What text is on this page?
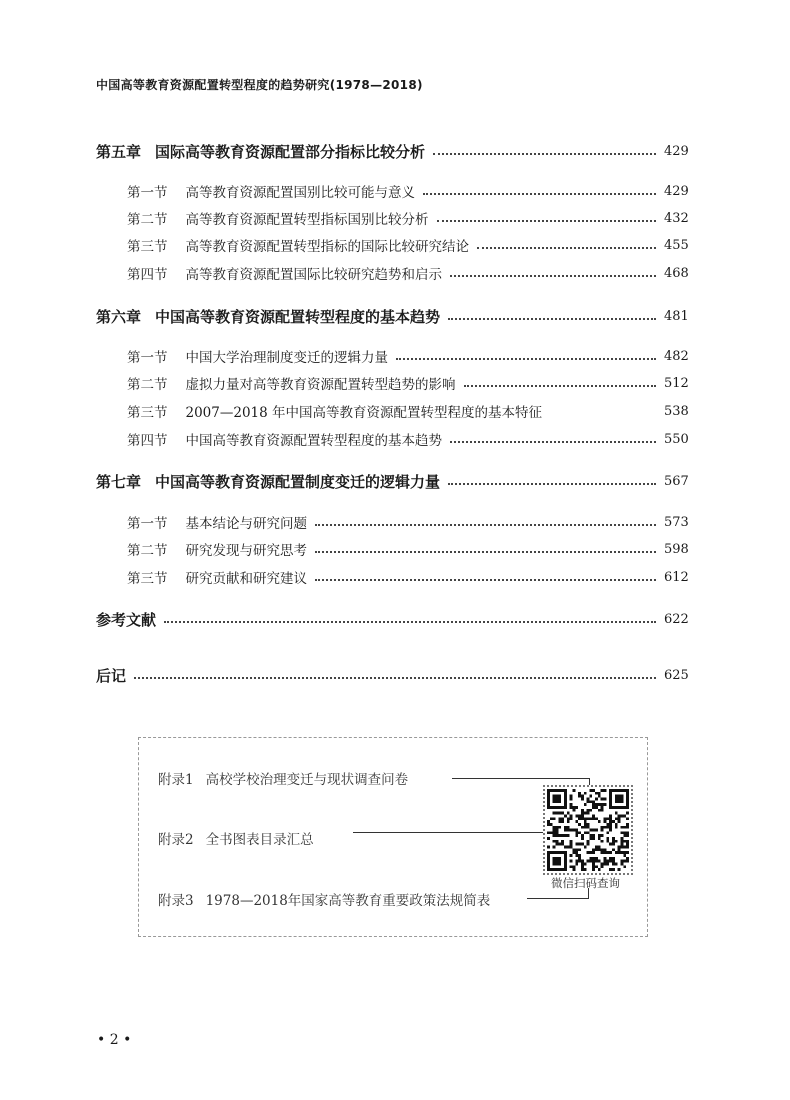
中国高等教育资源配置转型程度的趋势研究(1978—2018)
第五章 国际高等教育资源配置部分指标比较分析	429
第一节 高等教育资源配置国别比较可能与意义	429
第二节 高等教育资源配置转型指标国别比较分析	432
第三节 高等教育资源配置转型指标的国际比较研究结论	455
第四节 高等教育资源配置国际比较研究趋势和启示	468
第六章 中国高等教育资源配置转型程度的基本趋势	481
第一节 中国大学治理制度变迁的逻辑力量	482
第二节 虚拟力量对高等教育资源配置转型趋势的影响	512
第三节 2007—2018 年中国高等教育资源配置转型程度的基本特征	538
第四节 中国高等教育资源配置转型程度的基本趋势	550
第七章 中国高等教育资源配置制度变迁的逻辑力量	567
第一节 基本结论与研究问题	573
第二节 研究发现与研究思考	598
第三节 研究贡献和研究建议	612
参考文献	622
后记	625
附录1 高校学校治理变迁与现状调查问卷
附录2 全书图表目录汇总
附录3 1978—2018年国家高等教育重要政策法规简表
微信扫码查询
• 2 •
